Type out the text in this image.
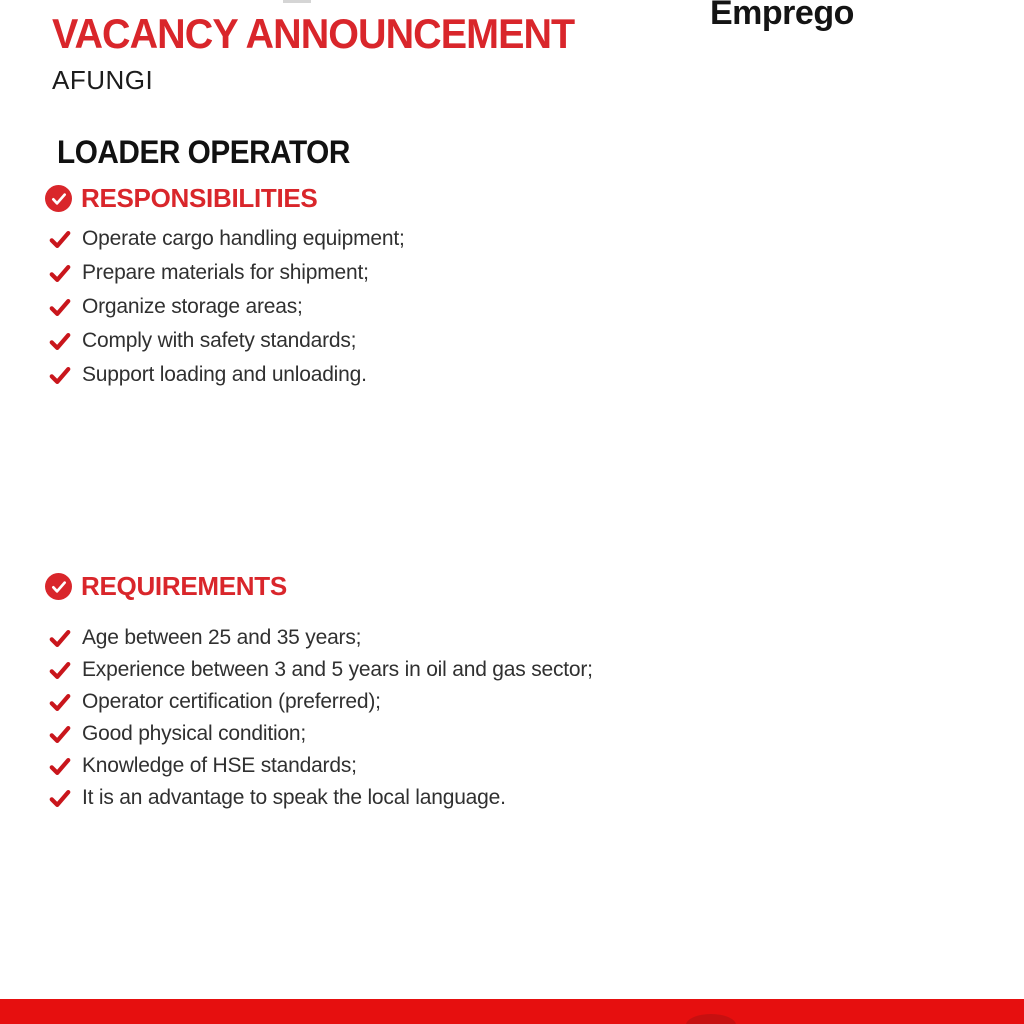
VACANCY ANNOUNCEMENT
AFUNGI
Emprego
LOADER OPERATOR
RESPONSIBILITIES
Operate cargo handling equipment;
Prepare materials for shipment;
Organize storage areas;
Comply with safety standards;
Support loading and unloading.
REQUIREMENTS
Age between 25 and 35 years;
Experience between 3 and 5 years in oil and gas sector;
Operator certification (preferred);
Good physical condition;
Knowledge of HSE standards;
It is an advantage to speak the local language.
